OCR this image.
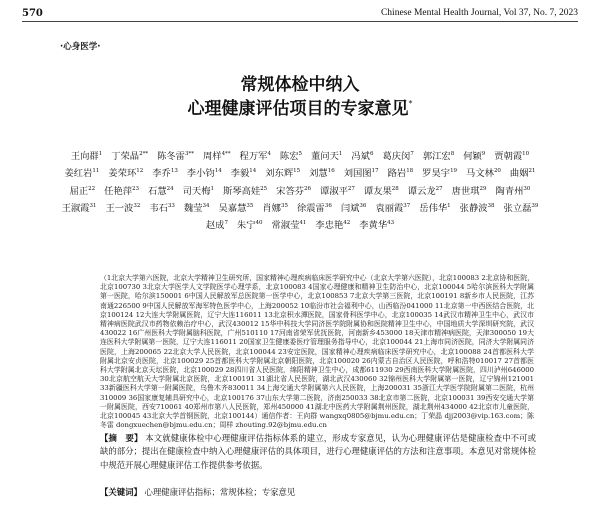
570	Chinese Mental Health Journal, Vol 37, No. 7, 2023
·心身医学·
常规体检中纳入
心理健康评估项目的专家意见*
王向群$^1$ 丁荣晶$^{2**}$ 陈冬雷$^{3**}$ 周样$^{4**}$ 程万军$^4$ 陈宏$^5$ 董问天$^1$ 冯斌$^6$ 葛庆闵$^7$ 郭江宏$^8$ 何颖$^9$ 贾朝霞$^{10}$ 姜红岩$^{11}$ 姜荣环$^{12}$ 李乔$^{13}$ 李小钧$^{14}$ 李毅$^{14}$ 刘东辉$^{15}$ 刘慧$^{16}$ 刘国图$^{17}$ 路岩$^{18}$ 罗昊宇$^{19}$ 马文林$^{20}$ 曲姻$^{21}$ 屈正$^{22}$ 任艳萍$^{23}$ 石慧$^{24}$ 司天梅$^1$ 斯琴高娃$^{25}$ 宋答芬$^{26}$ 谭淑平$^{27}$ 谭友果$^{28}$ 谭云龙$^{27}$ 唐世琪$^{29}$ 陶青州$^{30}$ 王淑霞$^{31}$ 王一波$^{32}$ 韦石$^{33}$ 魏莹$^{34}$ 吴嘉慧$^{35}$ 肖娜$^{35}$ 徐震雷$^{36}$ 闫斌$^{36}$ 袁丽霞$^{37}$ 岳伟华$^1$ 张静波$^{38}$ 张立磊$^{39}$ 赵成$^7$ 朱宁$^{40}$ 常淑莹$^{41}$ 李忠艳$^{42}$ 李黄华$^{43}$
（1北京大学第六医院，北京大学精神卫生研究所，国家精神心理疾病临床医学研究中心（北京大学第六医院），北京100083 2北京协和医院，北京100730 3北京大学医学人文学院医学心理学系，北京100083 4国家心理健康和精神卫生防治中心，北京100044 5哈尔滨医科大学附属第一医院，哈尔滨150001 6中国人民解放军总医院第一医学中心，北京100853 7北京大学第三医院，北京100191 8新乡市人民医院，江苏南通226500 9中国人民解放军海军特色医学中心，上海200052 10临汾市社会福利中心，山西临汾041000 11北京第一中西医结合医院，北京100124 12大连大学附属医院，辽宁大连116011 13北京积水潭医院，国家骨科医学中心，北京100035 14武汉市精神卫生中心，武汉市精神病医院武汉市药物依赖治疗中心，武汉430012 15华中科技大学同济医学院附属协和医院精神卫生中心，中国地质大学深圳研究院，武汉430022 16广州医科大学附属脑科医院，广州510110 17河南省荣军优抚医院，河南新乡453000 18天津市精神病医院，天津300050 19大连医科大学附属第一医院，辽宁大连116011 20国家卫生健康委医疗管理服务指导中心，北京100044 21上海市同济医院，同济大学附属同济医院，上海200065 22北京大学人民医院，北京100044 23安定医院，国家精神心理疾病临床医学研究中心，北京100088 24首都医科大学附属北京安贞医院，北京100029 25首都医科大学附属北京朝阳医院，北京100020 26内蒙古自治区人民医院，呼和浩特010017 27首都医科大学附属北京天坛医院，北京100029 28四川省人民医院，绵阳精神卫生中心，成都611930 29西南医科大学附属医院，四川泸州646000 30北京航空航天大学附属北京医院，北京100191 31湖北省人民医院，湖北武汉430060 32锦州医科大学附属第一医院，辽宁锦州121001 33新疆医科大学第一附属医院，乌鲁木齐830011 34上海交通大学附属第六人民医院，上海200031 35浙江大学医学院附属第二医院，杭州310009 36国家康复辅具研究中心，北京100176 37山东大学第二医院，济南250033 38北京市第二医院，北京100031 39西安交通大学第一附属医院，西安710061 40郑州市第八人民医院，郑州450000 41湖北中医药大学附属荆州医院，湖北荆州434000 42北京市儿童医院，北京100045 43北京大学首钢医院，北京100144）通信作者：王向群 wangxq0805@bjmu.edu.cn；丁荣晶 djj2003@vip.163.com；陈冬雷 dongxuechen@bjmu.edu.cn；周样 zhouting.92@bjmu.edu.cn
【摘　要】 本文就健康体检中心理健康评估指标体系的建立，形成专家意见，认为心理健康评估是健康检查中不可或缺的部分；提出在健康检查中纳入心理健康评估的具体项目，进行心理健康评估的方法和注意事项。本意见对常规体检中规范开展心理健康评估工作提供参考依据。
【关键词】 心理健康评估指标；常规体检；专家意见
